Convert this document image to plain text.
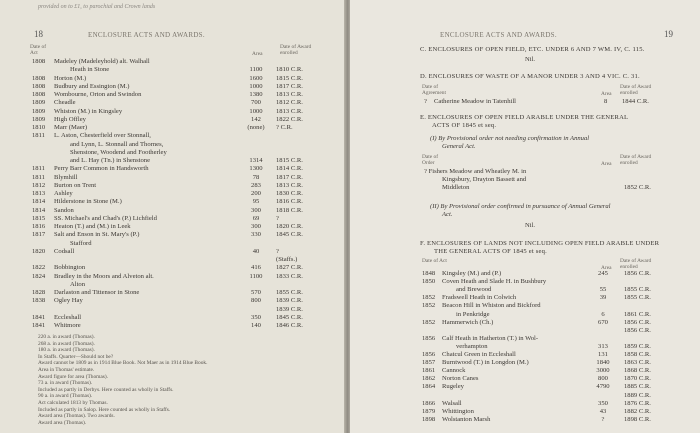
provided on to £1, to parochial and Crown lands
18	ENCLOSURE ACTS AND AWARDS.
Date of Act	Area
Date of Award enrolled
1808 Madeley (Madeleyhold) alt. Walhall
Heath in Stone	1100	1810 C.R.
1808 Horton (M.)	1600	1815 C.R.
1808 Budbury and Essington (M.)	1000	1817 C.R.
1808 Wombourne, Orton and Swindon	1380	1813 C.R.
1809 Cheadle	700	1812 C.R.
1809 Whiston (M.) in Kingsley	1000	1813 C.R.
1809 High Offley	142	1822 C.R.
1810 Marr (Maer)	(none)	? C.R.
1811 L. Aston, Chesterfield over Stonnall,
and Lynn, L. Stonnall and Thornes,
Shenstone, Woodend and Footherley
and L. Hay (Tn.) in Shenstone	1314	1815 C.R.
1811 Perry Barr Common in Handsworth	1300	1814 C.R.
1811 Blymhill	78	1817 C.R.
1812 Burton on Trent	283	1813 C.R.
1813 Ashley	200	1830 C.R.
1814 Hilderstone in Stone (M.)	95	1816 C.R.
1814 Sandon	300	1818 C.R.
1815 SS. Michael's and Chad's (P.) Lichfield	69	?
1816 Heaton (T.) and (M.) in Leek	300	1820 C.R.
1817 Salt and Enson in St. Mary's (P.)	330	1845 C.R.
Stafford
1820 Codsall	40	?
(Staffs.)
1822 Bobbington	416	1827 C.R.
1824 Bradley in the Moors and Alveton alt.	1100	1833 C.R.
Alton
1828 Darlaston and Tittensor in Stone	570	1855 C.R.
1838 Ogley Hay	800	1839 C.R.
1839 C.R.
1841 Eccleshall	350	1845 C.R.
1841 Whitmore	140	1846 C.R.
220 a. in award (Thomas).
268 a. in award (Thomas).
180 a. in award (Thomas).
In Staffs. Quarter—Should not be?
Award cannot be 1809 as in 1914 Blue Book. Not Maer as in 1914 Blue Book.
Area in Thomas' estimate.
Award figure for area (Thomas).
73 a. in award (Thomas).
Included as partly in Derbys. Here counted as wholly in Staffs.
90 a. in award (Thomas).
Act calculated 1813 by Thomas.
Included as partly in Salop. Here counted as wholly in Staffs.
Award area (Thomas). Two awards.
Award area (Thomas).
ENCLOSURE ACTS AND AWARDS.	19
C. ENCLOSURES OF OPEN FIELD, ETC. UNDER 6 AND 7 WM. IV, C. 115.
Nil.
D. ENCLOSURES OF WASTE OF A MANOR UNDER 3 AND 4 VIC. C. 31.
Date of Agreement	Area
Date of Award enrolled
? Catherine Meadow in Tatenhill	8 1844 C.R.
E. ENCLOSURES OF OPEN FIELD ARABLE UNDER THE GENERAL
ACTS OF 1845 et seq.
(I) By Provisional order not needing confirmation in Annual
General Act.
Date of Order	Area
Date of Award enrolled
? Fishers Meadow and Wheatley M. in
Kingsbury, Drayton Bassett and
Middleton	1852 C.R.
(II) By Provisional order confirmed in pursuance of Annual General
Act.
Nil.
F. ENCLOSURES OF LANDS NOT INCLUDING OPEN FIELD ARABLE UNDER
THE GENERAL ACTS OF 1845 et seq.
Date of Act
Area
Date of Award enrolled
1848 Kingsley (M.) and (P.)	245	1856 C.R.
1850 Coven Heath and Slade H. in Bushbury
and Brewood	55	1855 C.R.
1852 Fradswell Heath in Colwich	39	1855 C.R.
1852 Beacon Hill in Whiston and Bickford
in Penkridge	6	1861 C.R.
1852 Hammerwich (Ch.)	670	1856 C.R.
1856 C.R.
1856 Calf Heath in Hatherton (T.) in Wol-
verhampton	313	1859 C.R.
1856 Chatcul Green in Eccleshall	131	1858 C.R.
1857 Burntwood (T.) in Longdon (M.)	1840	1863 C.R.
1861 Cannock	3000	1868 C.R.
1862 Norton Canes	800	1870 C.R.
1864 Rugeley	4790	1885 C.R.
1889 C.R.
1866 Walsall	350	1876 C.R.
1879 Whittington	43	1882 C.R.
1898 Wolstanton Marsh	?	1898 C.R.
